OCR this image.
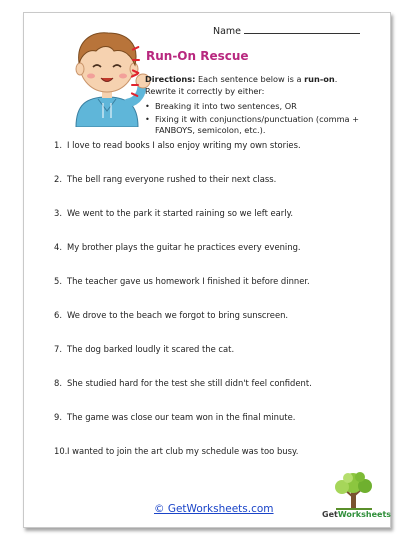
Name
Run-On Rescue
Directions: Each sentence below is a run-on.
Rewrite it correctly by either:
• Breaking it into two sentences, OR
• Fixing it with conjunctions/punctuation (comma + FANBOYS, semicolon, etc.).
1. I love to read books I also enjoy writing my own stories.
2. The bell rang everyone rushed to their next class.
3. We went to the park it started raining so we left early.
4. My brother plays the guitar he practices every evening.
5. The teacher gave us homework I finished it before dinner.
6. We drove to the beach we forgot to bring sunscreen.
7. The dog barked loudly it scared the cat.
8. She studied hard for the test she still didn't feel confident.
9. The game was close our team won in the final minute.
10.I wanted to join the art club my schedule was too busy.
© GetWorksheets.com	GetWorksheets
